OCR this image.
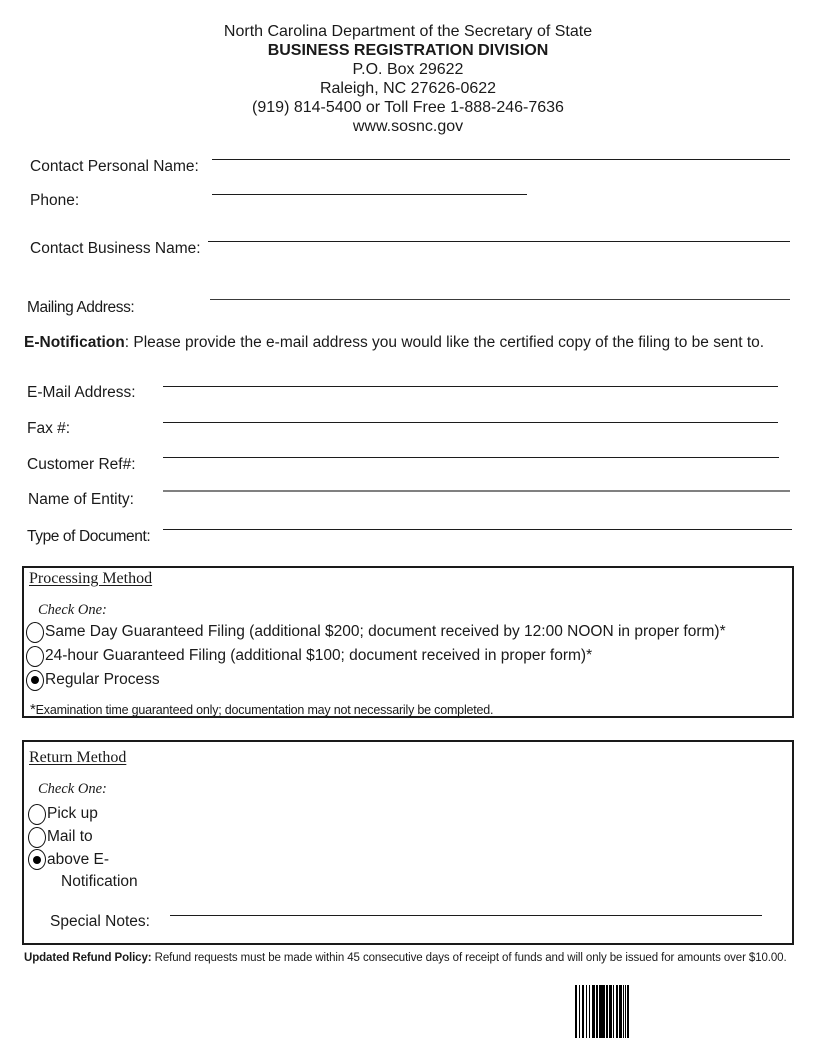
North Carolina Department of the Secretary of State
BUSINESS REGISTRATION DIVISION
P.O. Box 29622
Raleigh, NC 27626-0622
(919) 814-5400 or Toll Free 1-888-246-7636
www.sosnc.gov
Contact Personal Name:
Phone:
Contact Business Name:
Mailing Address:
E-Notification: Please provide the e-mail address you would like the certified copy of the filing to be sent to.
E-Mail Address:
Fax #:
Customer Ref#:
Name of Entity:
Type of Document:
Processing Method
Check One:
Same Day Guaranteed Filing (additional $200; document received by 12:00 NOON in proper form)*
24-hour Guaranteed Filing (additional $100; document received in proper form)*
Regular Process
*Examination time guaranteed only; documentation may not necessarily be completed.
Return Method
Check One:
Pick up
Mail to
above E-Notification
Special Notes:
Updated Refund Policy: Refund requests must be made within 45 consecutive days of receipt of funds and will only be issued for amounts over $10.00.
